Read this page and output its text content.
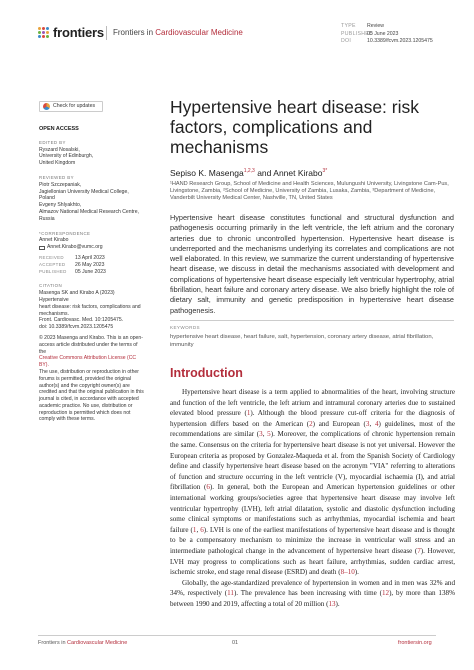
frontiers Frontiers in Cardiovascular Medicine
TYPE Review
PUBLISHED05 June 2023
DOI	10.3389/fcvm.2023.1205475
Check for updates
OPEN ACCESS
EDITED BY
Ryszard Nosalski,
University of Edinburgh,
United Kingdom
REVIEWED BY
Piotr Szczepaniak,
Jagiellonian University Medical College,
Poland
Evgeny Shlyakhto,
Almazov National Medical Research Centre,
Russia
*CORRESPONDENCE
Annet Kirabo
Annet.Kirabo@vumc.org
RECEIVED	13 April 2023
ACCEPTED	26 May 2023
PUBLISHED	05 June 2023
CITATION
Masenga SK and Kirabo A (2023) Hypertensive
heart disease: risk factors, complications and
mechanisms.
Front. Cardiovasc. Med. 10:1205475.
doi: 10.3389/fcvm.2023.1205475
© 2023 Masenga and Kirabo. This is an open-
access article distributed under the terms of the
Creative Commons Attribution License (CC BY).
The use, distribution or reproduction in other
forums is permitted, provided the original
author(s) and the copyright owner(s) are
credited and that the original publication in this
journal is cited, in accordance with accepted
academic practice. No use, distribution or
reproduction is permitted which does not
comply with these terms.
Hypertensive heart disease: risk factors, complications and mechanisms
Sepiso K. Masenga$^{1,2,3}$ and Annet Kirabo$^{3*}$
¹HAND Research Group, School of Medicine and Health Sciences, Mulungushi University, Livingstone Cam-Pus, Livingstone, Zambia, ²School of Medicine, University of Zambia, Lusaka, Zambia, ³Department of Medicine, Vanderbilt University Medical Center, Nashville, TN, United States
Hypertensive heart disease constitutes functional and structural dysfunction and pathogenesis occurring primarily in the left ventricle, the left atrium and the coronary arteries due to chronic uncontrolled hypertension. Hypertensive heart disease is underreported and the mechanisms underlying its correlates and complications are not well elaborated. In this review, we summarize the current understanding of hypertensive heart disease, we discuss in detail the mechanisms associated with development and complications of hypertensive heart disease especially left ventricular hypertrophy, atrial fibrillation, heart failure and coronary artery disease. We also briefly highlight the role of dietary salt, immunity and genetic predisposition in hypertensive heart disease pathogenesis.
KEYWORDS
hypertensive heart disease, heart failure, salt, hypertension, coronary artery disease, atrial fibrillation, immunity
Introduction

Hypertensive heart disease is a term applied to abnormalities of the heart, involving structure and function of the left ventricle, the left atrium and intramural coronary arteries due to sustained elevated blood pressure (1). Although the blood pressure cut-off criteria for the diagnosis of hypertension differs based on the American (2) and European (3, 4) guidelines, most of the recommendations are similar (3, 5). Moreover, the complications of chronic hypertension remain the same. Consensus on the criteria for hypertensive heart disease is not yet universal. However the European criteria as proposed by Gonzalez-Maqueda et al. from the Spanish Society of Cardiology define and classify hypertensive heart disease based on the acronym "VIA" referring to alterations of function and structure occurring in the left ventricle (V), myocardial ischaemia (I), and atrial fibrillation (6). In general, both the European and American hypertension guidelines or other international working groups/societies agree that hypertensive heart disease may involve left ventricular hypertrophy (LVH), left atrial dilatation, systolic and diastolic dysfunction including some clinical symptoms or manifestations such as arrhythmias, myocardial ischemia and heart failure (1, 6). LVH is one of the earliest manifestations of hypertensive heart disease and is thought to be a compensatory mechanism to minimize the increase in ventricular wall stress and an intermediate pathological change in the advancement of hypertensive heart disease (7). However, LVH may progress to complications such as heart failure, arrhythmias, sudden cardiac arrest, ischemic stroke, end stage renal disease (ESRD) and death (8–10).

Globally, the age-standardized prevalence of hypertension in women and in men was 32% and 34%, respectively (11). The prevalence has been increasing with time (12), by more than 138% between 1990 and 2019, affecting a total of 20 million (13).

Frontiers in Cardiovascular Medicine	01	frontiersin.org
